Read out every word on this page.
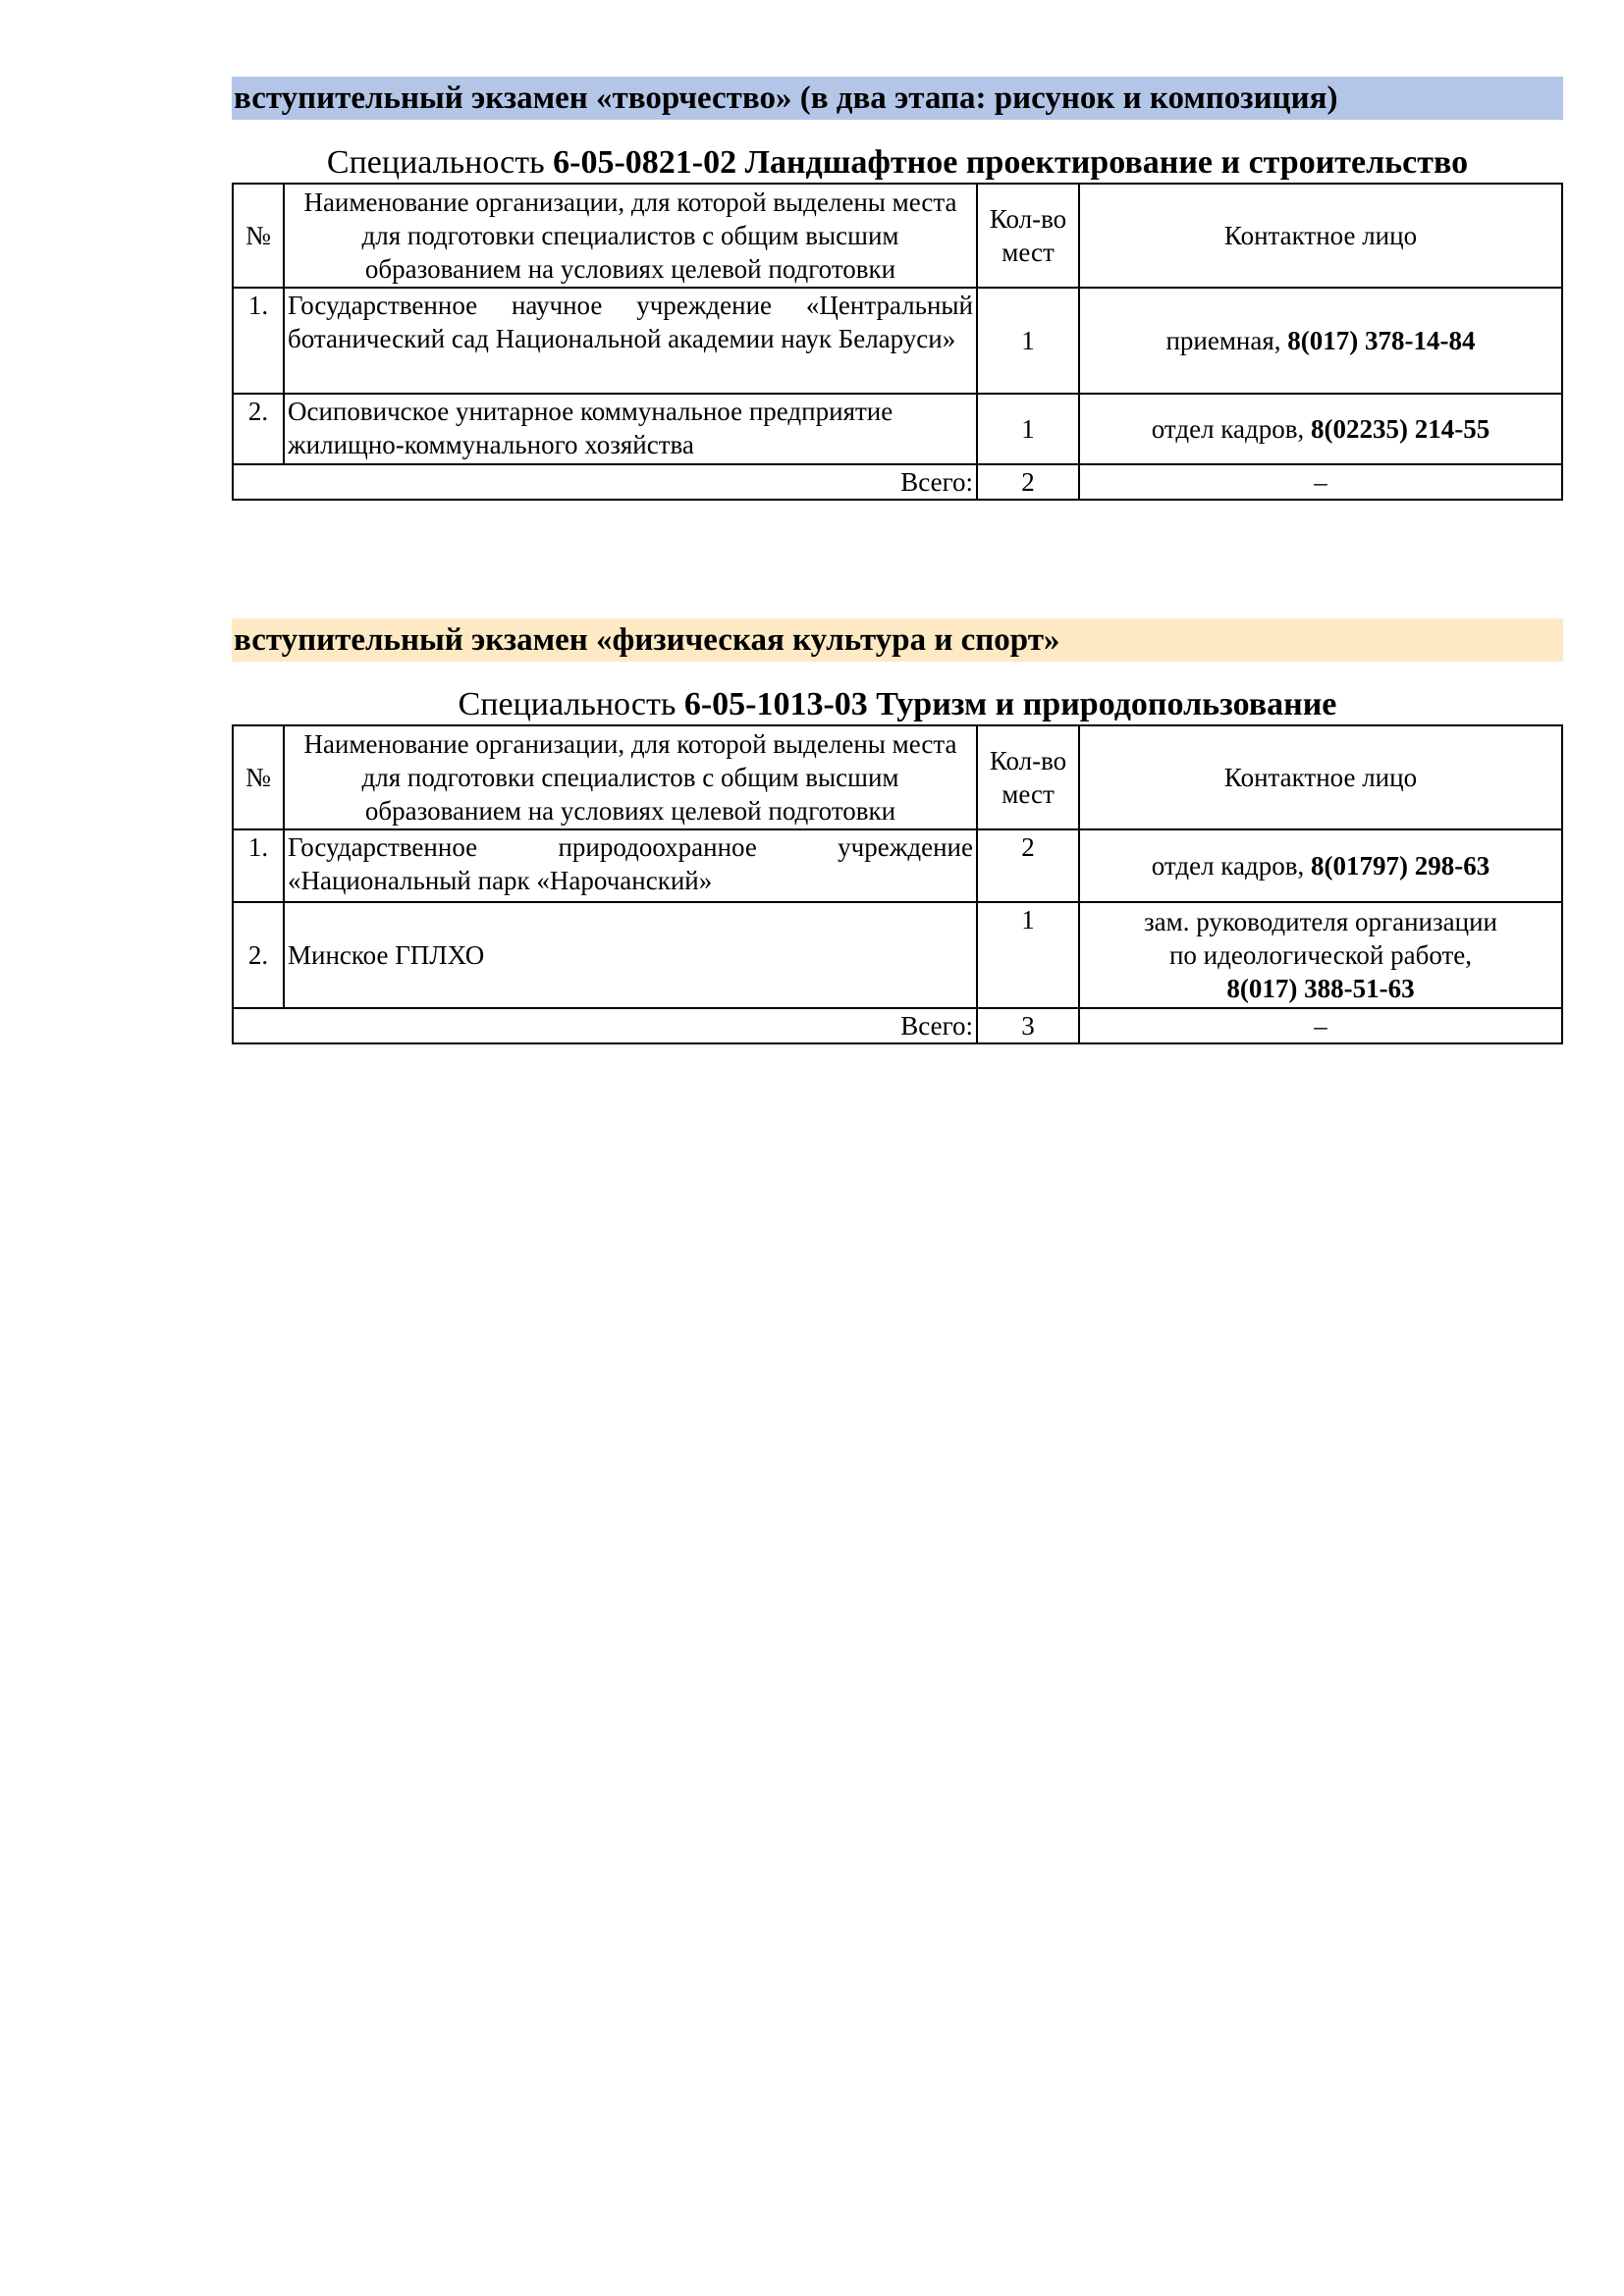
вступительный экзамен «творчество» (в два этапа: рисунок и композиция)
Специальность 6-05-0821-02 Ландшафтное проектирование и строительство
№	Наименование организации, для которой выделены места для подготовки специалистов с общим высшим образованием на условиях целевой подготовки	Кол-во мест	Контактное лицо
1.	Государственное научное учреждение «Центральный ботанический сад Национальной академии наук Беларуси»	1	приемная, 8(017) 378-14-84
2.	Осиповичское унитарное коммунальное предприятие жилищно-коммунального хозяйства	1	отдел кадров, 8(02235) 214-55
Всего:		2	–
вступительный экзамен «физическая культура и спорт»
Специальность 6-05-1013-03 Туризм и природопользование
№	Наименование организации, для которой выделены места для подготовки специалистов с общим высшим образованием на условиях целевой подготовки	Кол-во мест	Контактное лицо
1.	Государственное природоохранное учреждение «Национальный парк «Нарочанский»	2	отдел кадров, 8(01797) 298-63
2.	Минское ГПЛХО	1	зам. руководителя организации
по идеологической работе,
8(017) 388-51-63

Всего:		3	–
